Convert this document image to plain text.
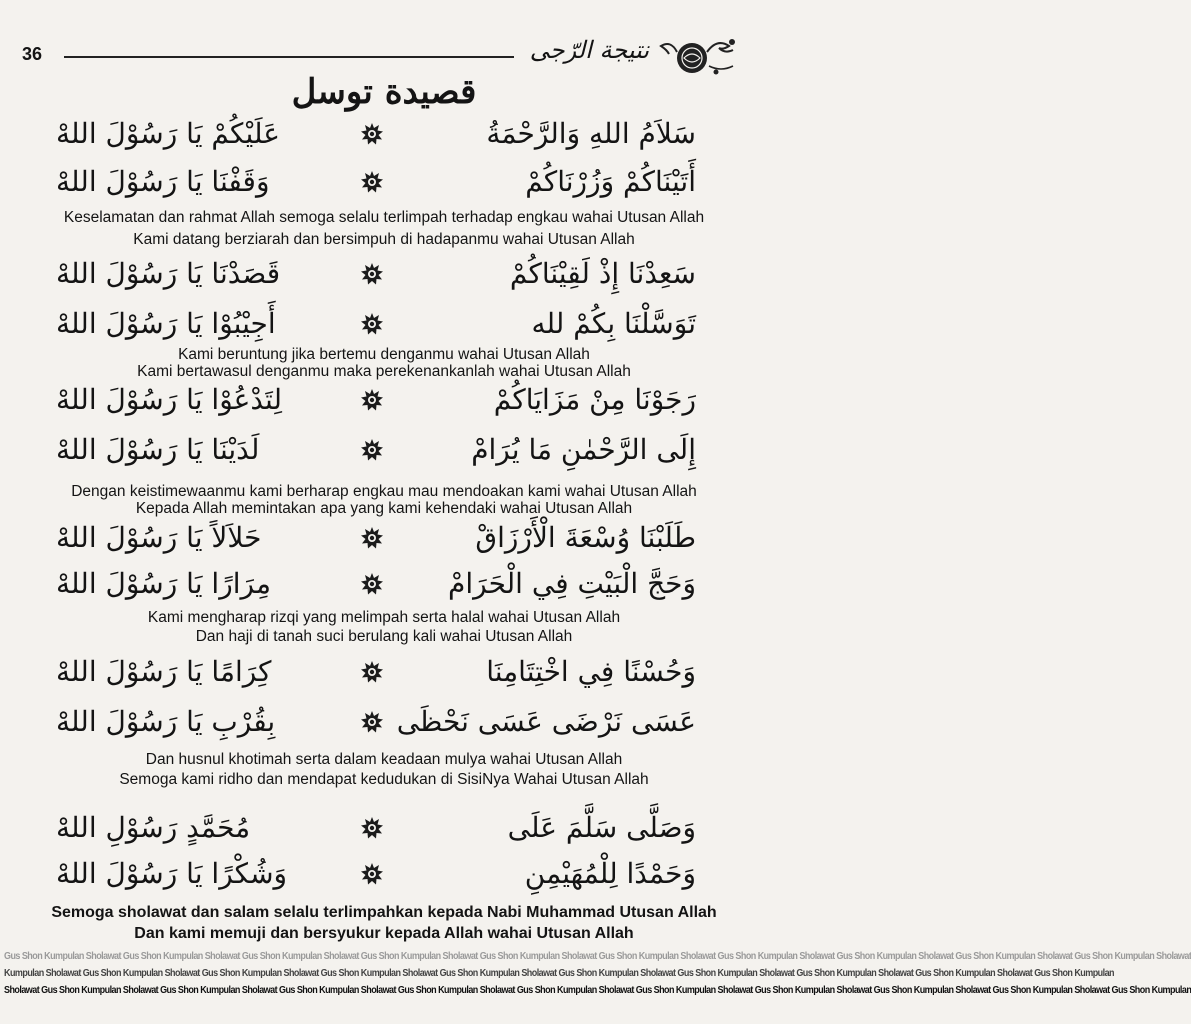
36	نتيجة الرّجى
قصيدة توسل
سَلاَمُ اللهِ وَالرَّحْمَةُ
عَلَيْكُمْ يَا رَسُوْلَ اللهْ
أَتَيْنَاكُمْ وَزُرْنَاكُمْ
وَقَفْنَا يَا رَسُوْلَ اللهْ
Keselamatan dan rahmat Allah semoga selalu terlimpah terhadap engkau wahai Utusan Allah
Kami datang berziarah dan bersimpuh di hadapanmu wahai Utusan Allah
سَعِدْنَا إِذْ لَقِيْنَاكُمْ
قَصَدْنَا يَا رَسُوْلَ اللهْ
تَوَسَّلْنَا بِكُمْ لله
أَجِيْبُوْا يَا رَسُوْلَ اللهْ
Kami beruntung jika bertemu denganmu wahai Utusan Allah
Kami bertawasul denganmu maka perekenankanlah wahai Utusan Allah
رَجَوْنَا مِنْ مَزَايَاكُمْ
لِتَدْعُوْا يَا رَسُوْلَ اللهْ
إِلَى الرَّحْمٰنِ مَا يُرَامْ
لَدَيْنَا يَا رَسُوْلَ اللهْ
Dengan keistimewaanmu kami berharap engkau mau mendoakan kami wahai Utusan Allah
Kepada Allah memintakan apa yang kami kehendaki wahai Utusan Allah
طَلَبْنَا وُسْعَةَ الْأَرْزَاقْ
حَلاَلاً يَا رَسُوْلَ اللهْ
وَحَجَّ الْبَيْتِ فِي الْحَرَامْ
مِرَارًا يَا رَسُوْلَ اللهْ
Kami mengharap rizqi yang melimpah serta halal wahai Utusan Allah
Dan haji di tanah suci berulang kali wahai Utusan Allah
وَحُسْنًا فِي اخْتِتَامِنَا
كِرَامًا يَا رَسُوْلَ اللهْ
عَسَى نَرْضَى عَسَى نَحْظَى
بِقُرْبِ يَا رَسُوْلَ اللهْ
Dan husnul khotimah serta dalam keadaan mulya wahai Utusan Allah
Semoga kami ridho dan mendapat kedudukan di SisiNya Wahai Utusan Allah
وَصَلَّى سَلَّمَ عَلَى
مُحَمَّدٍ رَسُوْلِ اللهْ
وَحَمْدًا لِلْمُهَيْمِنِ
وَشُكْرًا يَا رَسُوْلَ اللهْ
Semoga sholawat dan salam selalu terlimpahkan kepada Nabi Muhammad Utusan Allah
Dan kami memuji dan bersyukur kepada Allah wahai Utusan Allah
Gus Shon Kumpulan Sholawat Gus Shon Kumpulan Sholawat Gus Shon Kumpulan Sholawat Gus Shon Kumpulan Sholawat Gus Shon Kumpulan Sholawat Gus Shon Kumpulan Sholawat Gus Shon Kumpulan Sholawat Gus Shon Kumpulan Sholawat Gus Shon Kumpulan Sholawat Gus Shon Kumpulan Sholawat
Kumpulan Sholawat Gus Shon Kumpulan Sholawat Gus Shon Kumpulan Sholawat Gus Shon Kumpulan Sholawat Gus Shon Kumpulan Sholawat Gus Shon Kumpulan Sholawat Gus Shon Kumpulan Sholawat Gus Shon Kumpulan Sholawat Gus Shon Kumpulan Sholawat Gus Shon Kumpulan
Sholawat Gus Shon Kumpulan Sholawat Gus Shon Kumpulan Sholawat Gus Shon Kumpulan Sholawat Gus Shon Kumpulan Sholawat Gus Shon Kumpulan Sholawat Gus Shon Kumpulan Sholawat Gus Shon Kumpulan Sholawat Gus Shon Kumpulan Sholawat Gus Shon Kumpulan Sholawat Gus Shon Kumpulan
